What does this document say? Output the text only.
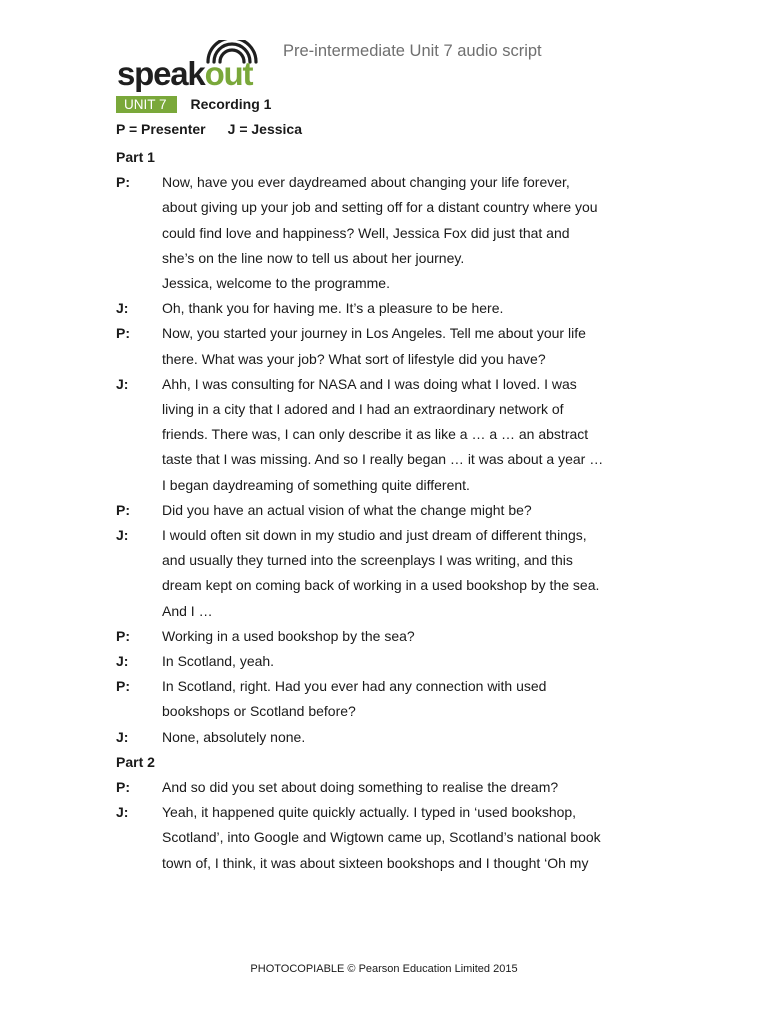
speakout
Pre-intermediate Unit 7 audio script
UNIT 7	Recording 1
P = Presenter J = Jessica
Part 1
P:	Now, have you ever daydreamed about changing your life forever,
about giving up your job and setting off for a distant country where you
could find love and happiness? Well, Jessica Fox did just that and
she’s on the line now to tell us about her journey.
Jessica, welcome to the programme.
J:	Oh, thank you for having me. It’s a pleasure to be here.
P:	Now, you started your journey in Los Angeles. Tell me about your life
there. What was your job? What sort of lifestyle did you have?
J:	Ahh, I was consulting for NASA and I was doing what I loved. I was
living in a city that I adored and I had an extraordinary network of
friends. There was, I can only describe it as like a … a … an abstract
taste that I was missing. And so I really began … it was about a year …
I began daydreaming of something quite different.
P:	Did you have an actual vision of what the change might be?
J:	I would often sit down in my studio and just dream of different things,
and usually they turned into the screenplays I was writing, and this
dream kept on coming back of working in a used bookshop by the sea.
And I …
P:	Working in a used bookshop by the sea?
J:	In Scotland, yeah.
P:	In Scotland, right. Had you ever had any connection with used
bookshops or Scotland before?
J:	None, absolutely none.
Part 2
P:	And so did you set about doing something to realise the dream?
J:	Yeah, it happened quite quickly actually. I typed in ‘used bookshop,
Scotland’, into Google and Wigtown came up, Scotland’s national book
town of, I think, it was about sixteen bookshops and I thought ‘Oh my
PHOTOCOPIABLE © Pearson Education Limited 2015
